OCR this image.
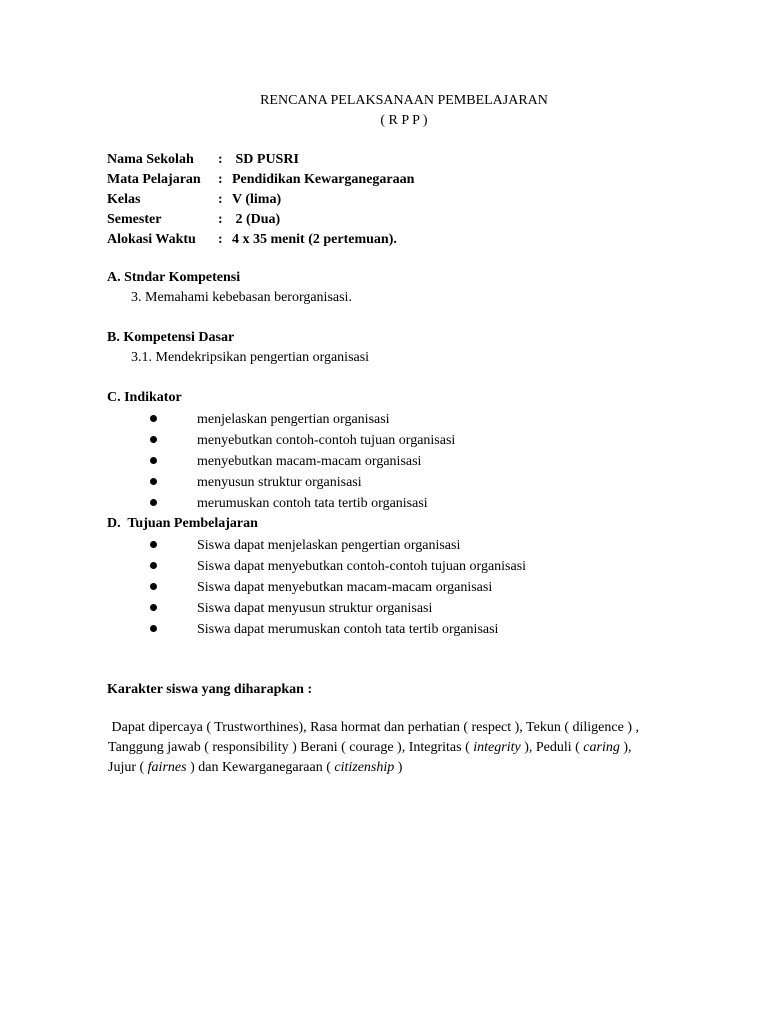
RENCANA PELAKSANAAN PEMBELAJARAN
( R P P )
Nama Sekolah : SD PUSRI
Mata Pelajaran : Pendidikan Kewarganegaraan
Kelas	: V (lima)
Semester	: 2 (Dua)
Alokasi Waktu : 4 x 35 menit (2 pertemuan).
A. Stndar Kompetensi
3. Memahami kebebasan berorganisasi.
B. Kompetensi Dasar
3.1. Mendekripsikan pengertian organisasi
C. Indikator
menjelaskan pengertian organisasi
menyebutkan contoh-contoh tujuan organisasi
menyebutkan macam-macam organisasi
menyusun struktur organisasi
merumuskan contoh tata tertib organisasi
D.  Tujuan Pembelajaran
Siswa dapat menjelaskan pengertian organisasi
Siswa dapat menyebutkan contoh-contoh tujuan organisasi
Siswa dapat menyebutkan macam-macam organisasi
Siswa dapat menyusun struktur organisasi
Siswa dapat merumuskan contoh tata tertib organisasi
Karakter siswa yang diharapkan :
Dapat dipercaya ( Trustworthines), Rasa hormat dan perhatian ( respect ), Tekun ( diligence ) ,
Tanggung jawab ( responsibility ) Berani ( courage ), Integritas ( integrity ), Peduli ( caring ),
Jujur ( fairnes ) dan Kewarganegaraan ( citizenship )
